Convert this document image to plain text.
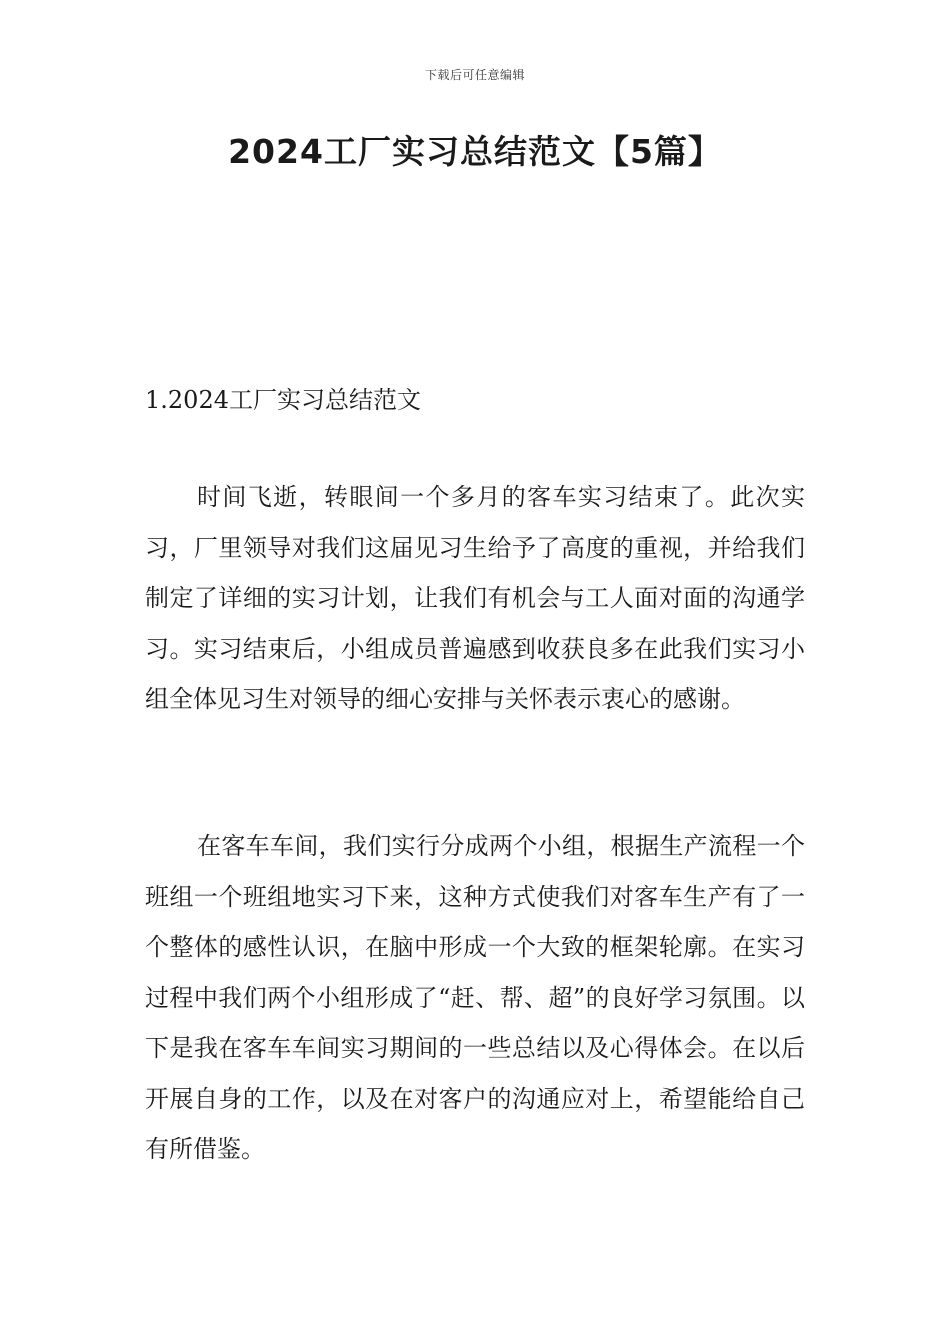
下载后可任意编辑
2024工厂实习总结范文【5篇】
1.2024工厂实习总结范文

时间飞逝，转眼间一个多月的客车实习结束了。此次实习，厂里领导对我们这届见习生给予了高度的重视，并给我们制定了详细的实习计划，让我们有机会与工人面对面的沟通学习。实习结束后，小组成员普遍感到收获良多在此我们实习小组全体见习生对领导的细心安排与关怀表示衷心的感谢。

在客车车间，我们实行分成两个小组，根据生产流程一个班组一个班组地实习下来，这种方式使我们对客车生产有了一个整体的感性认识，在脑中形成一个大致的框架轮廓。在实习过程中我们两个小组形成了“赶、帮、超”的良好学习氛围。以下是我在客车车间实习期间的一些总结以及心得体会。在以后开展自身的工作，以及在对客户的沟通应对上，希望能给自己有所借鉴。
